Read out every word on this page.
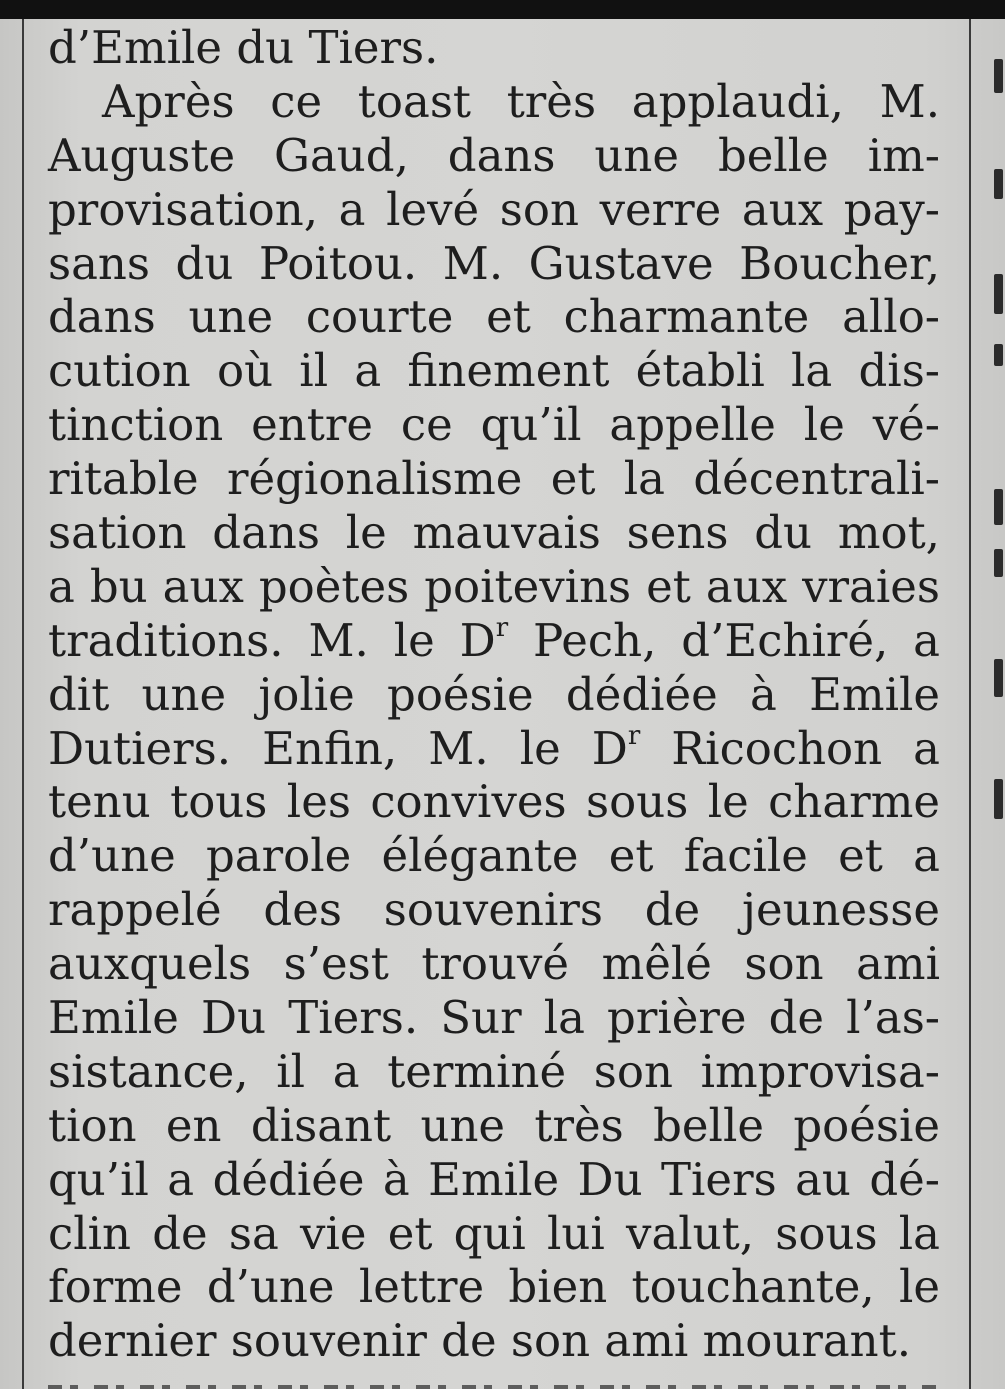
d’Emile du Tiers.
Après ce toast très applaudi, M.
Auguste Gaud, dans une belle im-
provisation, a levé son verre aux pay-
sans du Poitou. M. Gustave Boucher,
dans une courte et charmante allo-
cution où il a finement établi la dis-
tinction entre ce qu’il appelle le vé-
ritable régionalisme et la décentrali-
sation dans le mauvais sens du mot,
a bu aux poètes poitevins et aux vraies
traditions. M. le $D^r$ Pech, d’Echiré, a
dit une jolie poésie dédiée à Emile
Dutiers. Enfin, M. le $D^r$ Ricochon a
tenu tous les convives sous le charme
d’une parole élégante et facile et a
rappelé des souvenirs de jeunesse
auxquels s’est trouvé mêlé son ami
Emile Du Tiers. Sur la prière de l’as-
sistance, il a terminé son improvisa-
tion en disant une très belle poésie
qu’il a dédiée à Emile Du Tiers au dé-
clin de sa vie et qui lui valut, sous la
forme d’une lettre bien touchante, le
dernier souvenir de son ami mourant.
